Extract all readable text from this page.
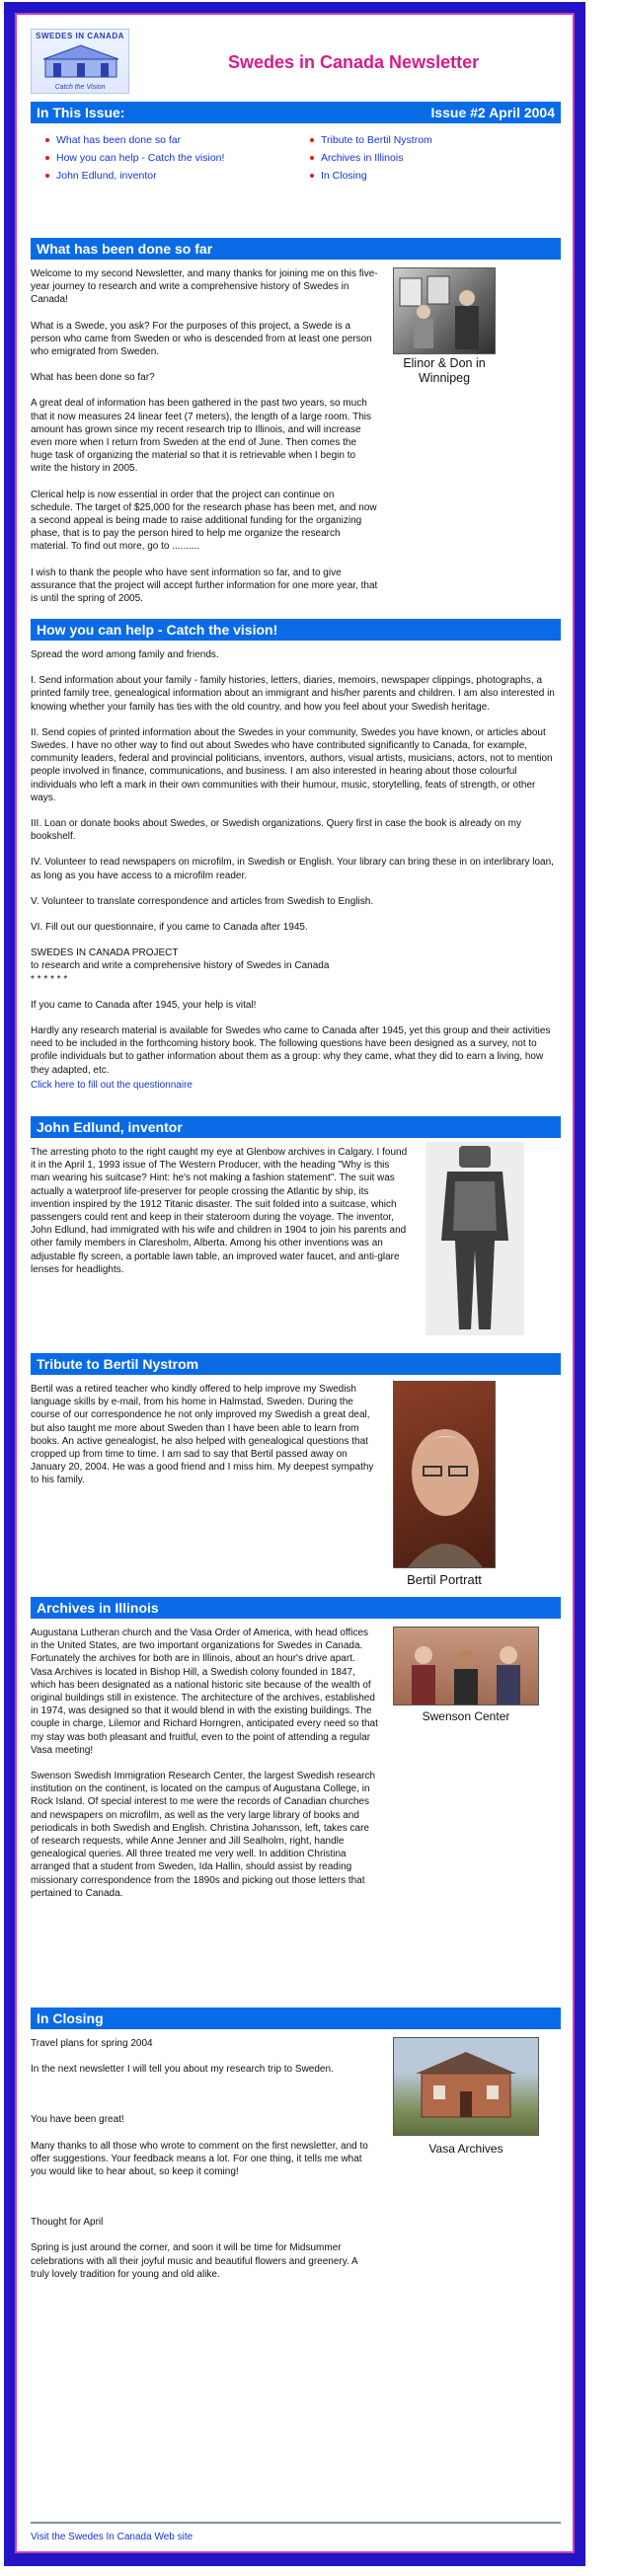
SWEDES IN CANADA
Catch the Vision
Swedes in Canada Newsletter
In This Issue:	Issue #2 April 2004
What has been done so far
How you can help - Catch the vision!
John Edlund, inventor
Tribute to Bertil Nystrom
Archives in Illinois
In Closing
What has been done so far

Welcome to my second Newsletter, and many thanks for joining me on this five-year journey to research and write a comprehensive history of Swedes in Canada!

What is a Swede, you ask? For the purposes of this project, a Swede is a person who came from Sweden or who is descended from at least one person who emigrated from Sweden.

What has been done so far?

A great deal of information has been gathered in the past two years, so much that it now measures 24 linear feet (7 meters), the length of a large room. This amount has grown since my recent research trip to Illinois, and will increase even more when I return from Sweden at the end of June. Then comes the huge task of organizing the material so that it is retrievable when I begin to write the history in 2005.

Clerical help is now essential in order that the project can continue on schedule. The target of $25,000 for the research phase has been met, and now a second appeal is being made to raise additional funding for the organizing phase, that is to pay the person hired to help me organize the research material. To find out more, go to ..........

I wish to thank the people who have sent information so far, and to give assurance that the project will accept further information for one more year, that is until the spring of 2005.

Elinor & Don in Winnipeg
How you can help - Catch the vision!

Spread the word among family and friends.

I. Send information about your family - family histories, letters, diaries, memoirs, newspaper clippings, photographs, a printed family tree, genealogical information about an immigrant and his/her parents and children. I am also interested in knowing whether your family has ties with the old country, and how you feel about your Swedish heritage.

II. Send copies of printed information about the Swedes in your community, Swedes you have known, or articles about Swedes. I have no other way to find out about Swedes who have contributed significantly to Canada, for example, community leaders, federal and provincial politicians, inventors, authors, visual artists, musicians, actors, not to mention people involved in finance, communications, and business. I am also interested in hearing about those colourful individuals who left a mark in their own communities with their humour, music, storytelling, feats of strength, or other ways.

III. Loan or donate books about Swedes, or Swedish organizations. Query first in case the book is already on my bookshelf.

IV. Volunteer to read newspapers on microfilm, in Swedish or English. Your library can bring these in on interlibrary loan, as long as you have access to a microfilm reader.

V. Volunteer to translate correspondence and articles from Swedish to English.

VI. Fill out our questionnaire, if you came to Canada after 1945.

SWEDES IN CANADA PROJECT
to research and write a comprehensive history of Swedes in Canada
* * * * * *

If you came to Canada after 1945, your help is vital!

Hardly any research material is available for Swedes who came to Canada after 1945, yet this group and their activities need to be included in the forthcoming history book. The following questions have been designed as a survey, not to profile individuals but to gather information about them as a group: why they came, what they did to earn a living, how they adapted, etc.

Click here to fill out the questionnaire
John Edlund, inventor

The arresting photo to the right caught my eye at Glenbow archives in Calgary. I found it in the April 1, 1993 issue of The Western Producer, with the heading "Why is this man wearing his suitcase? Hint: he's not making a fashion statement". The suit was actually a waterproof life-preserver for people crossing the Atlantic by ship, its invention inspired by the 1912 Titanic disaster. The suit folded into a suitcase, which passengers could rent and keep in their stateroom during the voyage. The inventor, John Edlund, had immigrated with his wife and children in 1904 to join his parents and other family members in Claresholm, Alberta. Among his other inventions was an adjustable fly screen, a portable lawn table, an improved water faucet, and anti-glare lenses for headlights.

Tribute to Bertil Nystrom

Bertil was a retired teacher who kindly offered to help improve my Swedish language skills by e-mail, from his home in Halmstad, Sweden. During the course of our correspondence he not only improved my Swedish a great deal, but also taught me more about Sweden than I have been able to learn from books. An active genealogist, he also helped with genealogical questions that cropped up from time to time. I am sad to say that Bertil passed away on January 20, 2004. He was a good friend and I miss him. My deepest sympathy to his family.

Bertil Portratt
Archives in Illinois

Augustana Lutheran church and the Vasa Order of America, with head offices in the United States, are two important organizations for Swedes in Canada. Fortunately the archives for both are in Illinois, about an hour's drive apart. Vasa Archives is located in Bishop Hill, a Swedish colony founded in 1847, which has been designated as a national historic site because of the wealth of original buildings still in existence. The architecture of the archives, established in 1974, was designed so that it would blend in with the existing buildings. The couple in charge, Lilemor and Richard Horngren, anticipated every need so that my stay was both pleasant and fruitful, even to the point of attending a regular Vasa meeting!

Swenson Swedish Immigration Research Center, the largest Swedish research institution on the continent, is located on the campus of Augustana College, in Rock Island. Of special interest to me were the records of Canadian churches and newspapers on microfilm, as well as the very large library of books and periodicals in both Swedish and English. Christina Johansson, left, takes care of research requests, while Anne Jenner and Jill Sealholm, right, handle genealogical queries. All three treated me very well. In addition Christina arranged that a student from Sweden, Ida Hallin, should assist by reading missionary correspondence from the 1890s and picking out those letters that pertained to Canada.

Swenson Center
In Closing

Travel plans for spring 2004

In the next newsletter I will tell you about my research trip to Sweden.

You have been great!

Many thanks to all those who wrote to comment on the first newsletter, and to offer suggestions. Your feedback means a lot. For one thing, it tells me what you would like to hear about, so keep it coming!

Thought for April

Spring is just around the corner, and soon it will be time for Midsummer celebrations with all their joyful music and beautiful flowers and greenery. A truly lovely tradition for young and old alike.

Vasa Archives
Visit the Swedes In Canada Web site
